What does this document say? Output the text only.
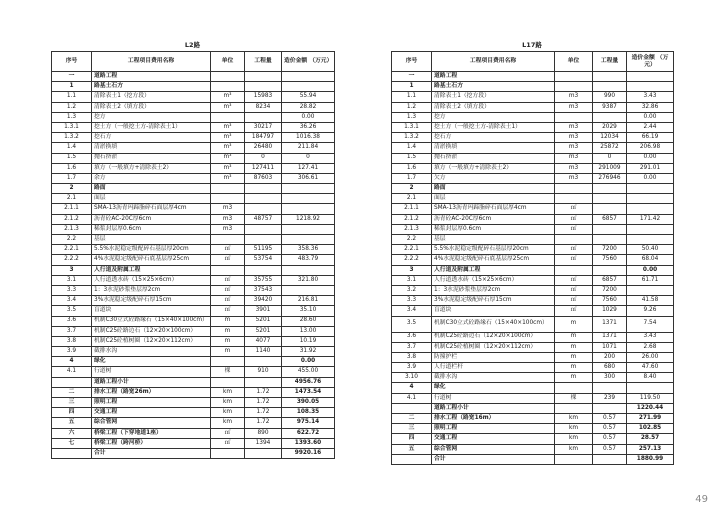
L2路
序号	工程项目费用名称	单位	工程量	造价金额 （万元）
一	道路工程			
1	路基土石方			
1.1	清除表土1（挖方段）	m³	15983	55.94
1.2	清除表土2（填方段）	m³	8234	28.82
1.3	挖方			0.00
1.3.1	挖土方（一般挖土方-清除表土1）	m³	30217	36.26
1.3.2	挖石方	m³	184797	1016.38
1.4	清淤换填	m³	26480	211.84
1.5	抛石挤淤	m³	0	0
1.6	填方（一般填方+清除表土2）	m³	127411	127.41
1.7	余方	m³	87603	306.61
2	路面			
2.1	面层			
2.1.1	SMA-13沥青玛蹄脂碎石面层厚4cm	m3		
2.1.2	沥青砼AC-20C厚6cm	m3	48757	1218.92
2.1.3	稀浆封层厚0.6cm	m3		
2.2	基层			
2.2.1	5.5%水泥稳定级配碎石基层厚20cm	㎡	51195	358.36
2.2.2	4%水泥稳定级配碎石底基层厚25cm	㎡	53754	483.79
3	人行道及附属工程			
3.1	人行道透水砖（15×25×6cm）	㎡	35755	321.80
3.3	1：3水泥砂浆垫层厚2cm	㎡	37543	
3.4	3%水泥稳定级配碎石厚15cm	㎡	39420	216.81
3.5	盲道块	㎡	3901	35.10
3.6	机制C30立式砼路缘石（15×40×100cm）	m	5201	28.60
3.7	机制C25砼路边石（12×20×100cm）	m	5201	13.00
3.8	机制C25砼植树圈（12×20×112cm）	m	4077	10.19
3.9	截排水沟	m	1140	31.92
4	绿化			0.00
4.1	行道树	棵	910	455.00
	道路工程小计			4956.76
二	排水工程（路宽26m）	km	1.72	1473.54
三	照明工程	km	1.72	390.05
四	交通工程	km	1.72	108.35
五	综合管网	km	1.72	975.14
六	桥梁工程（下穿地道1座）	㎡	890	622.72
七	桥梁工程（跨河桥）	㎡	1394	1393.60
	合计			9920.16
L17路
序号	工程项目费用名称	单位	工程量	造价金额 （万元）
一	道路工程			
1	路基土石方			
1.1	清除表土1（挖方段）	m3	990	3.43
1.2	清除表土2（填方段）	m3	9387	32.86
1.3	挖方			0.00
1.3.1	挖土方（一般挖土方-清除表土1）	m3	2029	2.44
1.3.2	挖石方	m3	12034	66.19
1.4	清淤换填	m3	25872	206.98
1.5	抛石挤淤	m3	0	0.00
1.6	填方（一般填方+清除表土2）	m3	291009	291.01
1.7	欠方	m3	276946	0.00
2	路面			
2.1	面层			
2.1.1	SMA-13沥青玛蹄脂碎石面层厚4cm	㎡		
2.1.2	沥青砼AC-20C厚6cm	㎡	6857	171.42
2.1.3	稀浆封层厚0.6cm	㎡		
2.2	基层			
2.2.1	5.5%水泥稳定级配碎石基层厚20cm	㎡	7200	50.40
2.2.2	4%水泥稳定级配碎石底基层厚25cm	㎡	7560	68.04
3	人行道及附属工程			0.00
3.1	人行道透水砖（15×25×6cm）	㎡	6857	61.71
3.2	1：3水泥砂浆垫层厚2cm	㎡	7200	
3.3	3%水泥稳定级配碎石厚15cm	㎡	7560	41.58
3.4	盲道块	㎡	1029	9.26
3.5	机制C30立式砼路缘石（15×40×100cm）	m	1371	7.54
3.6	机制C25砼路边石（12×20×100cm）	m	1371	3.43
3.7	机制C25砼植树圈（12×20×112cm）	m	1071	2.68
3.8	防撞护栏	m	200	26.00
3.9	人行道栏杆	m	680	47.60
3.10	截排水沟	m	300	8.40
4	绿化			
4.1	行道树	棵	239	119.50
	道路工程小计			1220.44
二	排水工程（路宽16m）	km	0.57	271.99
三	照明工程	km	0.57	102.85
四	交通工程	km	0.57	28.57
五	综合管网	km	0.57	257.13
	合计			1880.99
49
